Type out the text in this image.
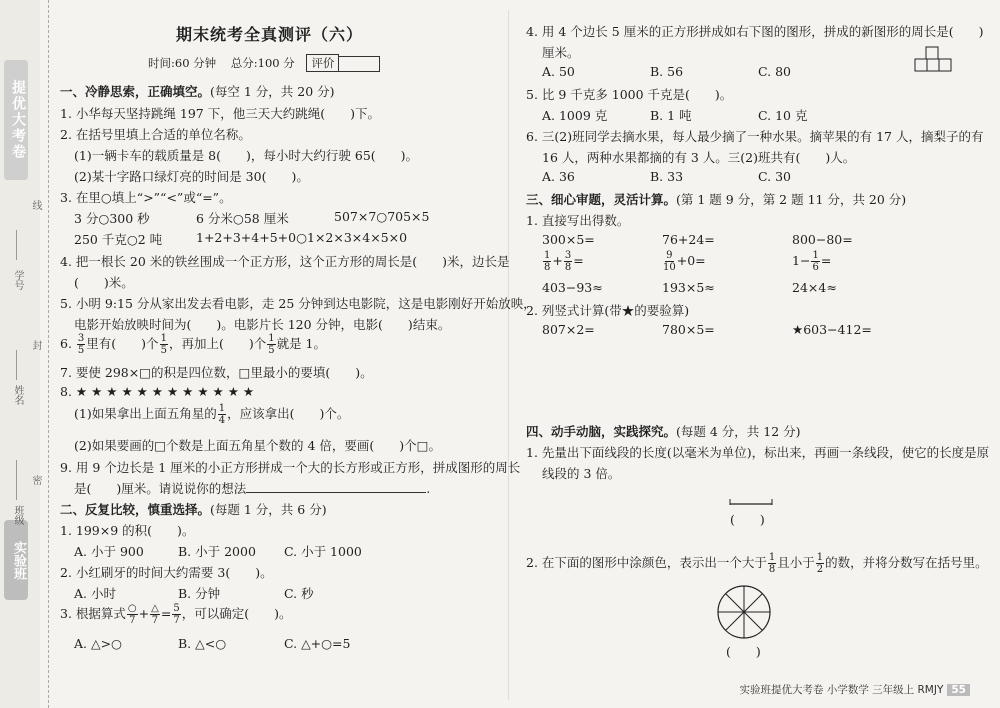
提优大考卷
实验班
线
封
密
学号
姓名
班级
期末统考全真测评（六）
时间:60 分钟 总分:100 分 评价
一、冷静思索，正确填空。(每空 1 分，共 20 分)
1. 小华每天坚持跳绳 197 下，他三天大约跳绳(　　)下。
2. 在括号里填上合适的单位名称。
(1)一辆卡车的载质量是 8(　　)，每小时大约行驶 65(　　)。
(2)某十字路口绿灯亮的时间是 30(　　)。
3. 在里○填上“>”“<”或“=”。
3 分○300 秒	6 分米○58 厘米	507×7○705×5
250 千克○2 吨	1+2+3+4+5+0○1×2×3×4×5×0
4. 把一根长 20 米的铁丝围成一个正方形，这个正方形的周长是(　　)米，边长是
(　　)米。
5. 小明 9:15 分从家出发去看电影，走 25 分钟到达电影院，这是电影刚好开始放映，
电影开始放映时间为(　　)。电影片长 120 分钟，电影(　　)结束。
6. $\frac{3}{5}$ 里有(　　)个 $\frac{1}{5}$ ，再加上(　　)个 $\frac{1}{5}$ 就是 1。
7. 要使 298×□的积是四位数，□里最小的要填(　　)。
8. ★ ★ ★ ★ ★ ★ ★ ★ ★ ★ ★ ★
(1)如果拿出上面五角星的 $\frac{1}{4}$ ，应该拿出(　　)个。
(2)如果要画的□个数是上面五角星个数的 4 倍，要画(　　)个□。
9. 用 9 个边长是 1 厘米的小正方形拼成一个大的长方形或正方形，拼成图形的周长
是(　　)厘米。请说说你的想法	.
二、反复比较，慎重选择。(每题 1 分，共 6 分)
1. 199×9 的积(　　)。
A. 小于 900	B. 小于 2000 C. 小于 1000
2. 小红刷牙的时间大约需要 3(　　)。
A. 小时	B. 分钟	C. 秒
3. 根据算式 $\frac{○}{7} + \frac{\triangle}{7} = \frac{5}{7}$ ，可以确定(　　)。
A. △>○	B. △<○	C. △+○=5
4. 用 4 个边长 5 厘米的正方形拼成如右下图的图形，拼成的新图形的周长是(　　)
厘米。
A. 50	B. 56	C. 80
5. 比 9 千克多 1000 千克是(　　)。
A. 1009 克	B. 1 吨	C. 10 克
6. 三(2)班同学去摘水果，每人最少摘了一种水果。摘苹果的有 17 人，摘梨子的有
16 人，两种水果都摘的有 3 人。三(2)班共有(　　)人。
A. 36	B. 33	C. 30
三、细心审题，灵活计算。(第 1 题 9 分，第 2 题 11 分，共 20 分)
1. 直接写出得数。
300×5=	76+24=	800−80=
$\frac{1}{8} + \frac{3}{8}$ =	$\frac{9}{10} +0=$	$1- \frac{1}{6}$ =
403−93≈	193×5≈	24×4≈
2. 列竖式计算(带★的要验算)
807×2=	780×5=	★603−412=
四、动手动脑，实践探究。(每题 4 分，共 12 分)
1. 先量出下面线段的长度(以毫米为单位)，标出来，再画一条线段，使它的长度是原
线段的 3 倍。
(　　)
2. 在下面的图形中涂颜色，表示出一个大于 $\frac{1}{8}$ 且小于 $\frac{1}{2}$ 的数，并将分数写在括号里。
(　　)
实验班提优大考卷 小学数学 三年级上 RMJY 55
